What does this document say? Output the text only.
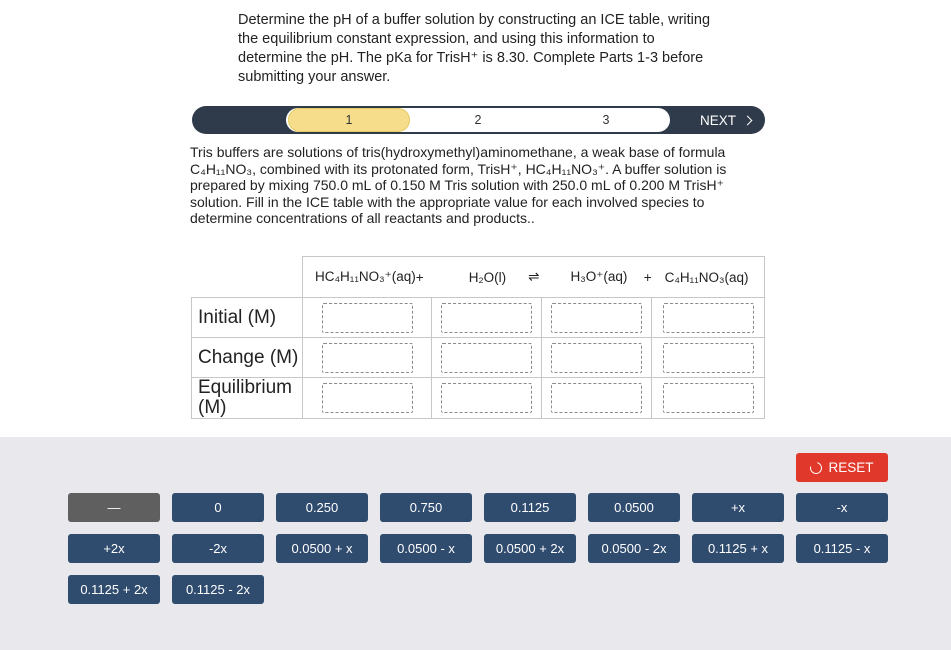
Determine the pH of a buffer solution by constructing an ICE table, writing
the equilibrium constant expression, and using this information to
determine the pH. The pKa for TrisH⁺ is 8.30. Complete Parts 1-3 before
submitting your answer.
1	2	3	NEXT
Tris buffers are solutions of tris(hydroxymethyl)aminomethane, a weak base of formula
C₄H₁₁NO₃, combined with its protonated form, TrisH⁺, HC₄H₁₁NO₃⁺. A buffer solution is
prepared by mixing 750.0 mL of 0.150 M Tris solution with 250.0 mL of 0.200 M TrisH⁺
solution. Fill in the ICE table with the appropriate value for each involved species to
determine concentrations of all reactants and products..

	HC₄H₁₁NO₃⁺(aq) +	H₂O(l) ⇌	H₃O⁺(aq) +	C₄H₁₁NO₃(aq)

Initial (M)				
Change (M)				
Equilibrium (M)				
RESET
—	0	0.250	0.750	0.1125	0.0500	+x	-x
+2x	-2x	0.0500 + x	0.0500 - x	0.0500 + 2x	0.0500 - 2x	0.1125 + x	0.1125 - x
0.1125 + 2x	0.1125 - 2x
